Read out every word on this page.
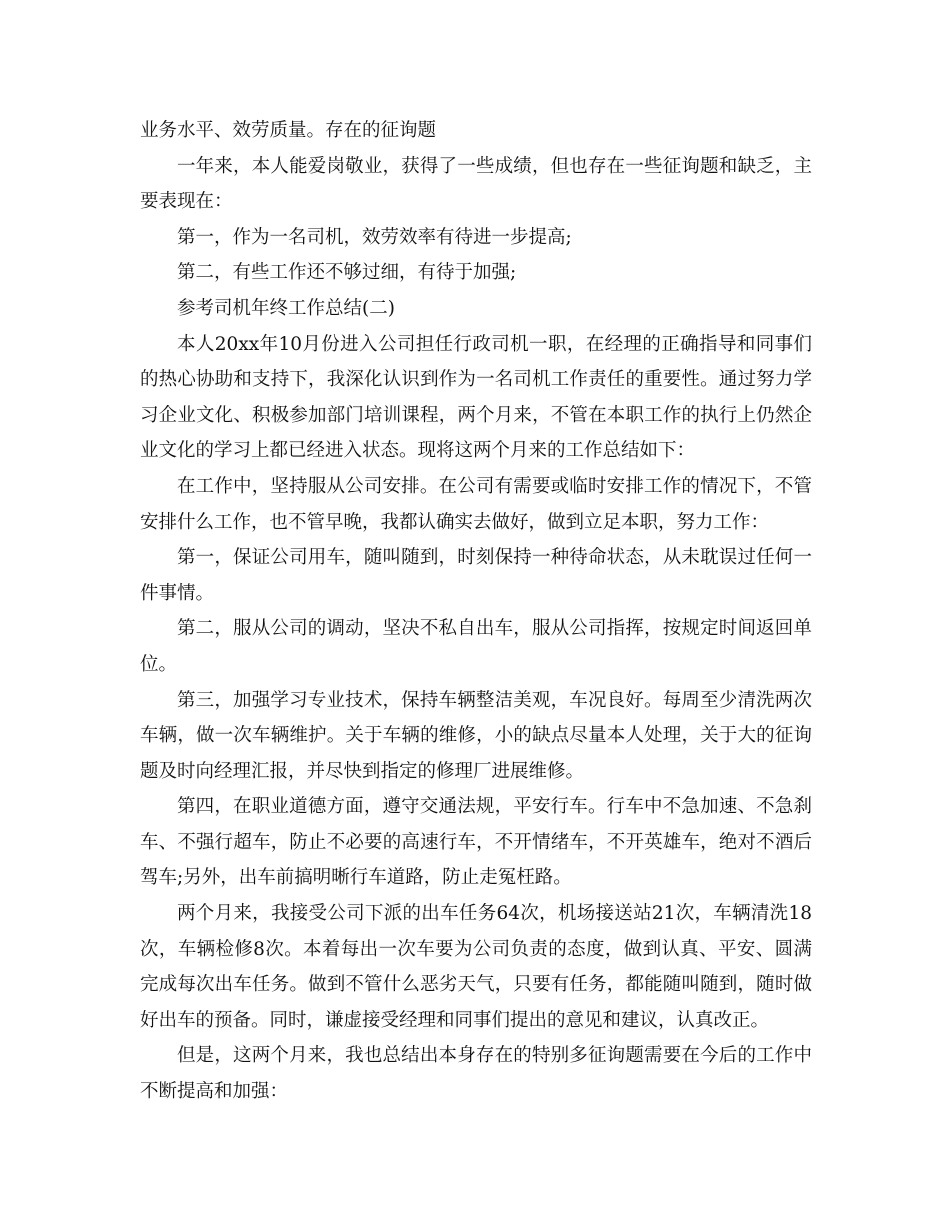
业务水平、效劳质量。存在的征询题

一年来，本人能爱岗敬业，获得了一些成绩，但也存在一些征询题和缺乏，主要表现在：

第一，作为一名司机，效劳效率有待进一步提高;

第二，有些工作还不够过细，有待于加强;

参考司机年终工作总结(二)

本人20xx年10月份进入公司担任行政司机一职，在经理的正确指导和同事们的热心协助和支持下，我深化认识到作为一名司机工作责任的重要性。通过努力学习企业文化、积极参加部门培训课程，两个月来，不管在本职工作的执行上仍然企业文化的学习上都已经进入状态。现将这两个月来的工作总结如下：

在工作中，坚持服从公司安排。在公司有需要或临时安排工作的情况下，不管安排什么工作，也不管早晚，我都认确实去做好，做到立足本职，努力工作：

第一，保证公司用车，随叫随到，时刻保持一种待命状态，从未耽误过任何一件事情。

第二，服从公司的调动，坚决不私自出车，服从公司指挥，按规定时间返回单位。

第三，加强学习专业技术，保持车辆整洁美观，车况良好。每周至少清洗两次车辆，做一次车辆维护。关于车辆的维修，小的缺点尽量本人处理，关于大的征询题及时向经理汇报，并尽快到指定的修理厂进展维修。

第四，在职业道德方面，遵守交通法规，平安行车。行车中不急加速、不急刹车、不强行超车，防止不必要的高速行车，不开情绪车，不开英雄车，绝对不酒后驾车;另外，出车前搞明晰行车道路，防止走冤枉路。

两个月来，我接受公司下派的出车任务64次，机场接送站21次，车辆清洗18次，车辆检修8次。本着每出一次车要为公司负责的态度，做到认真、平安、圆满完成每次出车任务。做到不管什么恶劣天气，只要有任务，都能随叫随到，随时做好出车的预备。同时，谦虚接受经理和同事们提出的意见和建议，认真改正。

但是，这两个月来，我也总结出本身存在的特别多征询题需要在今后的工作中不断提高和加强：
